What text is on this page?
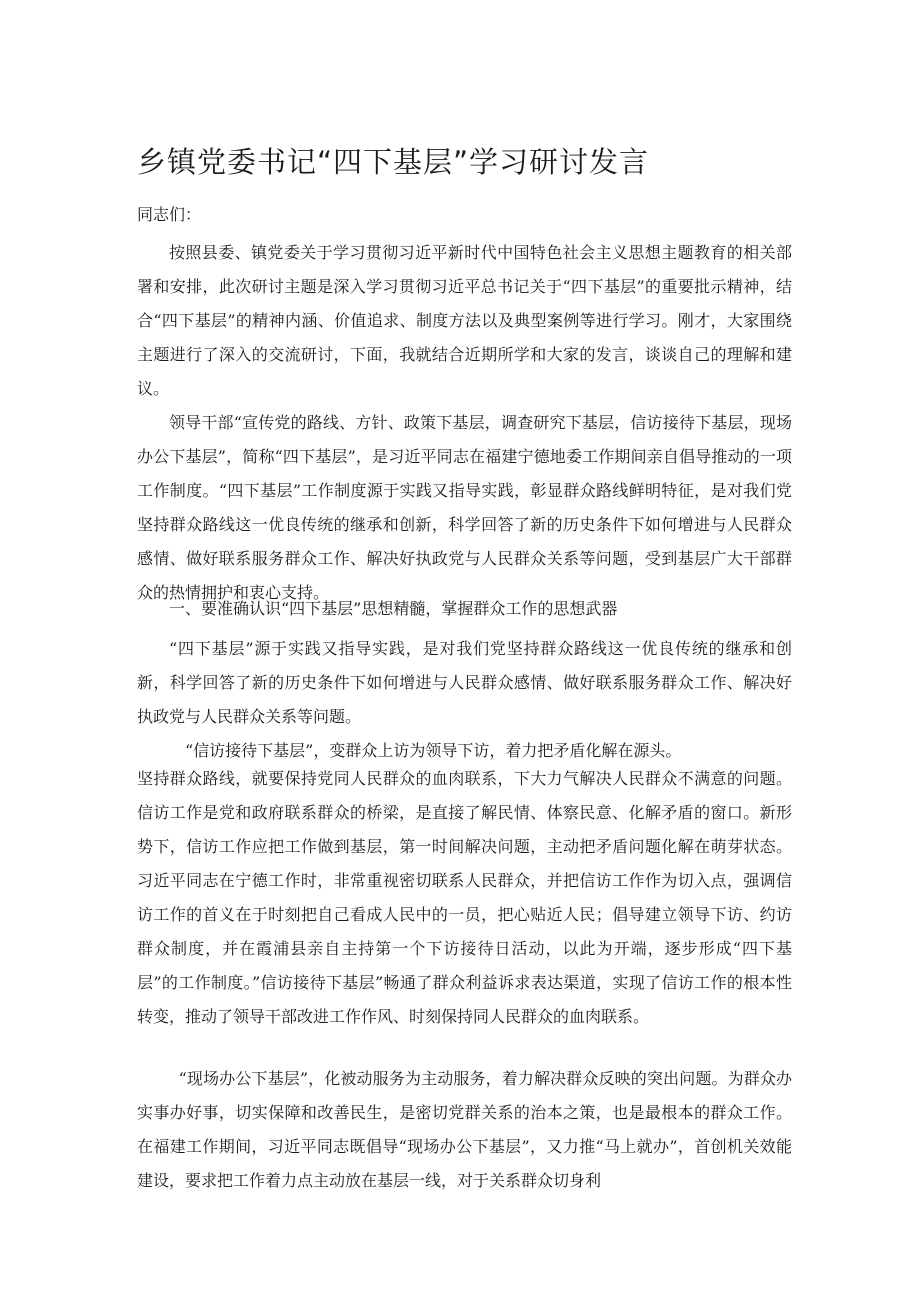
乡镇党委书记“四下基层”学习研讨发言

同志们：

按照县委、镇党委关于学习贯彻习近平新时代中国特色社会主义思想主题教育的相关部署和安排，此次研讨主题是深入学习贯彻习近平总书记关于“四下基层”的重要批示精神，结合“四下基层”的精神内涵、价值追求、制度方法以及典型案例等进行学习。刚才，大家围绕主题进行了深入的交流研讨，下面，我就结合近期所学和大家的发言，谈谈自己的理解和建议。

领导干部“宣传党的路线、方针、政策下基层，调查研究下基层，信访接待下基层，现场办公下基层”，简称“四下基层”，是习近平同志在福建宁德地委工作期间亲自倡导推动的一项工作制度。“四下基层”工作制度源于实践又指导实践，彰显群众路线鲜明特征，是对我们党坚持群众路线这一优良传统的继承和创新，科学回答了新的历史条件下如何增进与人民群众感情、做好联系服务群众工作、解决好执政党与人民群众关系等问题，受到基层广大干部群众的热情拥护和衷心支持。

一、要准确认识“四下基层”思想精髓，掌握群众工作的思想武器

“四下基层”源于实践又指导实践，是对我们党坚持群众路线这一优良传统的继承和创新，科学回答了新的历史条件下如何增进与人民群众感情、做好联系服务群众工作、解决好执政党与人民群众关系等问题。

“信访接待下基层”，变群众上访为领导下访，着力把矛盾化解在源头。

坚持群众路线，就要保持党同人民群众的血肉联系，下大力气解决人民群众不满意的问题。信访工作是党和政府联系群众的桥梁，是直接了解民情、体察民意、化解矛盾的窗口。新形势下，信访工作应把工作做到基层，第一时间解决问题，主动把矛盾问题化解在萌芽状态。习近平同志在宁德工作时，非常重视密切联系人民群众，并把信访工作作为切入点，强调信访工作的首义在于时刻把自己看成人民中的一员，把心贴近人民；倡导建立领导下访、约访群众制度，并在霞浦县亲自主持第一个下访接待日活动，以此为开端，逐步形成“四下基层”的工作制度。”信访接待下基层”畅通了群众利益诉求表达渠道，实现了信访工作的根本性转变，推动了领导干部改进工作作风、时刻保持同人民群众的血肉联系。

“现场办公下基层”，化被动服务为主动服务，着力解决群众反映的突出问题。为群众办实事办好事，切实保障和改善民生，是密切党群关系的治本之策，也是最根本的群众工作。在福建工作期间，习近平同志既倡导“现场办公下基层”，又力推“马上就办”，首创机关效能建设，要求把工作着力点主动放在基层一线，对于关系群众切身利
